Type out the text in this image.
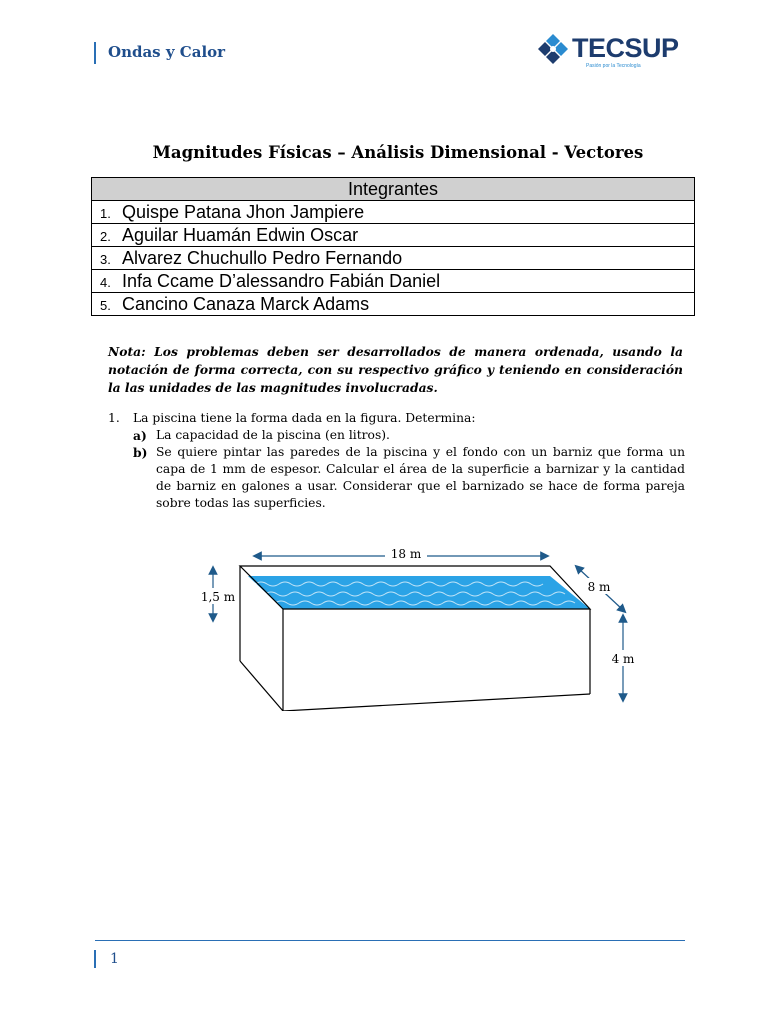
Ondas y Calor	TECSUP
Pasión por la Tecnología
Magnitudes Físicas – Análisis Dimensional - Vectores
Integrantes
1. Quispe Patana Jhon Jampiere
2. Aguilar Huamán Edwin Oscar
3. Alvarez Chuchullo Pedro Fernando
4. Infa Ccame D’alessandro Fabián Daniel
5. Cancino Canaza Marck Adams
Nota: Los problemas deben ser desarrollados de manera ordenada, usando la notación de forma correcta, con su respectivo gráfico y teniendo en consideración la las unidades de las magnitudes involucradas.
1.	La piscina tiene la forma dada en la figura. Determina:
a) La capacidad de la piscina (en litros).
b) Se quiere pintar las paredes de la piscina y el fondo con un barniz que forma un capa de 1 mm de espesor. Calcular el área de la superficie a barnizar y la cantidad de barniz en galones a usar. Considerar que el barnizado se hace de forma pareja sobre todas las superficies.
18 m
8 m
1,5 m
4 m
1
